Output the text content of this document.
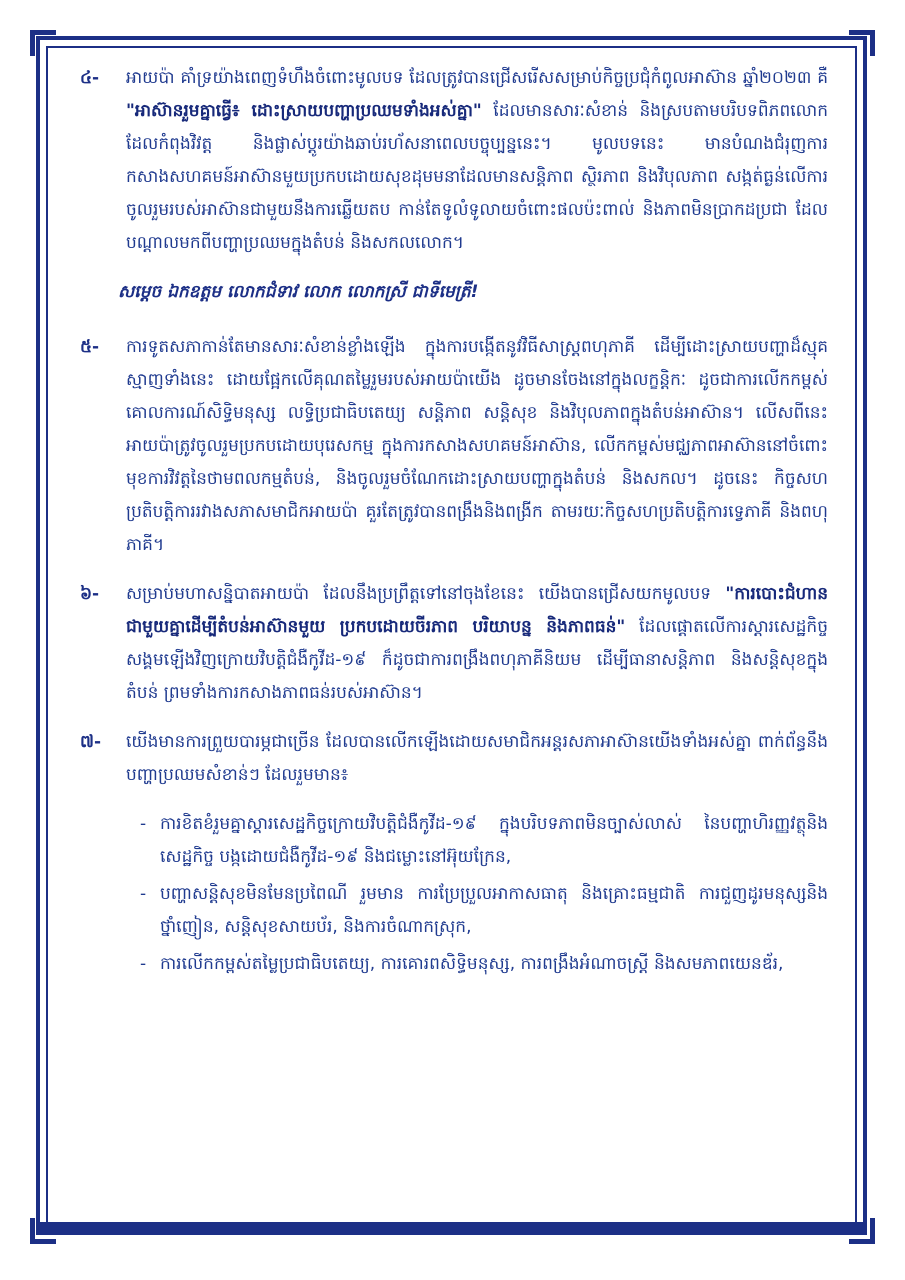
៤-	អាយប៉ា គាំទ្រយ៉ាងពេញទំហឹងចំពោះមូលបទ ដែលត្រូវបានជ្រើសរើសសម្រាប់កិច្ចប្រជុំកំពូលអាស៊ាន ឆ្នាំ២០២៣ គឺ "អាស៊ានរួមគ្នាធ្វើ៖ ដោះស្រាយបញ្ហាប្រឈមទាំងអស់គ្នា" ដែលមានសារៈសំខាន់ និងស្របតាមបរិបទពិភពលោកដែលកំពុងវិវត្ត និងផ្លាស់ប្តូរយ៉ាងឆាប់រហ័សនាពេលបច្ចុប្បន្ននេះ។ មូលបទនេះ មានបំណងជំរុញការកសាងសហគមន៍អាស៊ានមួយប្រកបដោយសុខដុមមនាដែលមានសន្តិភាព ស្ថិរភាព និងវិបុលភាព សង្កត់ធ្ងន់លើការចូលរួមរបស់អាស៊ានជាមួយនឹងការឆ្លើយតប កាន់តែទូលំទូលាយចំពោះផលប៉ះពាល់ និងភាពមិនប្រាកដប្រជា ដែលបណ្តាលមកពីបញ្ហាប្រឈមក្នុងតំបន់ និងសកលលោក។
សម្តេច ឯកឧត្តម លោកជំទាវ លោក លោកស្រី ជាទីមេត្រី!
៥-	ការទូតសភាកាន់តែមានសារៈសំខាន់ខ្លាំងឡើង ក្នុងការបង្កើតនូវវិធីសាស្រ្តពហុភាគី ដើម្បីដោះស្រាយបញ្ហាដ៏ស្មុគស្មាញទាំងនេះ ដោយផ្អែកលើគុណតម្លៃរួមរបស់អាយប៉ាយើង ដូចមានចែងនៅក្នុងលក្ខន្តិកៈ ដូចជាការលើកកម្ពស់គោលការណ៍សិទ្ធិមនុស្ស លទ្ធិប្រជាធិបតេយ្យ សន្តិភាព សន្តិសុខ និងវិបុលភាពក្នុងតំបន់អាស៊ាន។ លើសពីនេះ អាយប៉ាត្រូវចូលរួមប្រកបដោយបុរេសកម្ម ក្នុងការកសាងសហគមន៍អាស៊ាន, លើកកម្ពស់មជ្ឈភាពអាស៊ាននៅចំពោះមុខការវិវត្តនៃថាមពលកម្មតំបន់, និងចូលរួមចំណែកដោះស្រាយបញ្ហាក្នុងតំបន់ និងសកល។ ដូចនេះ កិច្ចសហប្រតិបត្តិការរវាងសភាសមាជិកអាយប៉ា គួរតែត្រូវបានពង្រឹងនិងពង្រីក តាមរយៈកិច្ចសហប្រតិបត្តិការទ្វេភាគី និងពហុភាគី។
៦-	សម្រាប់មហាសន្និបាតអាយប៉ា ដែលនឹងប្រព្រឹត្តទៅនៅចុងខែនេះ យើងបានជ្រើសយកមូលបទ "ការបោះជំហានជាមួយគ្នាដើម្បីតំបន់អាស៊ានមួយ ប្រកបដោយចីរភាព បរិយាបន្ន និងភាពធន់" ដែលផ្តោតលើការស្តារសេដ្ឋកិច្ចសង្គមឡើងវិញក្រោយវិបត្តិជំងឺកូវីដ-១៩ ក៏ដូចជាការពង្រឹងពហុភាគីនិយម ដើម្បីធានាសន្តិភាព និងសន្តិសុខក្នុងតំបន់ ព្រមទាំងការកសាងភាពធន់របស់អាស៊ាន។
៧-	យើងមានការព្រួយបារម្ភជាច្រើន ដែលបានលើកឡើងដោយសមាជិកអន្តរសភាអាស៊ានយើងទាំងអស់គ្នា ពាក់ព័ន្ធនឹងបញ្ហាប្រឈមសំខាន់ៗ ដែលរួមមាន៖
- ការខិតខំរួមគ្នាស្តារសេដ្ឋកិច្ចក្រោយវិបត្តិជំងឺកូវីដ-១៩ ក្នុងបរិបទភាពមិនច្បាស់លាស់ នៃបញ្ហាហិរញ្ញវត្ថុនិងសេដ្ឋកិច្ច បង្កដោយជំងឺកូវីដ-១៩ និងជម្លោះនៅអ៊ុយក្រែន,
- បញ្ហាសន្តិសុខមិនមែនប្រពៃណី រួមមាន ការប្រែប្រួលអាកាសធាតុ និងគ្រោះធម្មជាតិ ការជួញដូរមនុស្សនិងថ្នាំញៀន, សន្តិសុខសាយប័រ, និងការចំណាកស្រុក,
- ការលើកកម្ពស់តម្លៃប្រជាធិបតេយ្យ, ការគោរពសិទ្ធិមនុស្ស, ការពង្រឹងអំណាចស្ត្រី និងសមភាពយេនឌ័រ,
